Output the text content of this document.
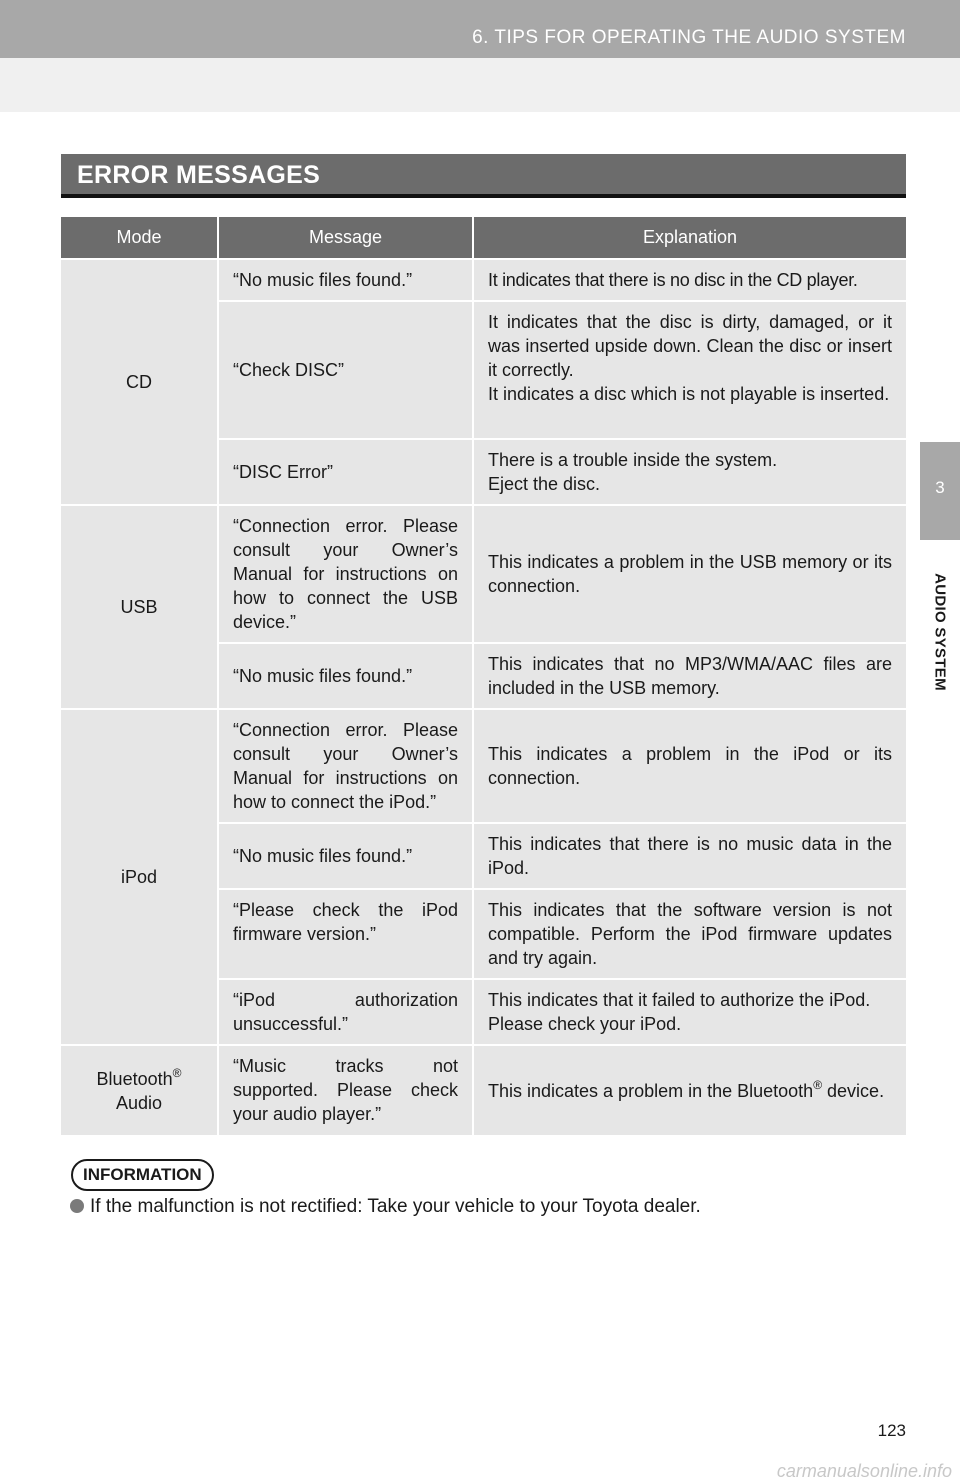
6. TIPS FOR OPERATING THE AUDIO SYSTEM
3
AUDIO SYSTEM
ERROR MESSAGES
Mode	Message	Explanation
CD	“No music files found.”	It indicates that there is no disc in the CD player.
	“Check DISC”	It indicates that the disc is dirty, damaged, or it was inserted upside down. Clean the disc or insert it correctly.
It indicates a disc which is not playable is inserted.
	“DISC Error”	There is a trouble inside the system.
Eject the disc.
USB	“Connection error. Please consult your Owner’s Manual for instructions on how to connect the USB device.”	This indicates a problem in the USB memory or its connection.
	“No music files found.”	This indicates that no MP3/WMA/AAC files are included in the USB memory.
iPod	“Connection error. Please consult your Owner’s Manual for instructions on how to connect the iPod.”	This indicates a problem in the iPod or its connection.
	“No music files found.”	This indicates that there is no music data in the iPod.
	“Please check the iPod firmware version.”	This indicates that the software version is not compatible. Perform the iPod firmware updates and try again.
	“iPod authorization unsuccessful.”	This indicates that it failed to authorize the iPod.
Please check your iPod.
Bluetooth®
Audio	“Music tracks not supported. Please check your audio player.”	This indicates a problem in the Bluetooth® device.
INFORMATION
If the malfunction is not rectified: Take your vehicle to your Toyota dealer.
123
carmanualsonline.info
